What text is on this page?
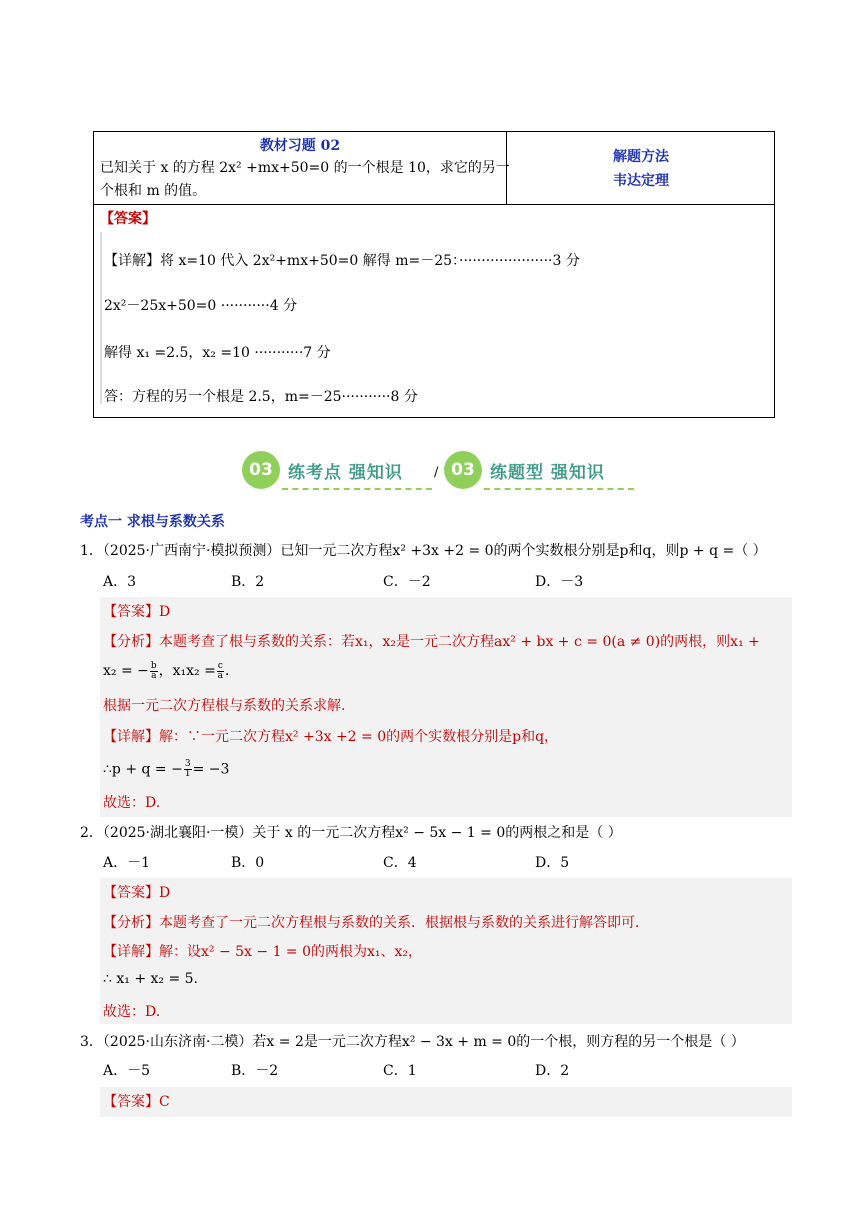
教材习题 02
已知关于 x 的方程 2x² +mx+50=0 的一个根是 10，求它的另一
个根和 m 的值。
解题方法
韦达定理
【答案】
【详解】将 x=10 代入 2x²+mx+50=0 解得 m=－25：·····················3 分
2x²－25x+50=0 ···········4 分
解得 x₁ =2.5，x₂ =10 ···········7 分
答：方程的另一个根是 2.5，m=－25···········8 分
03 练考点 强知识 / 03 练题型 强知识
考点一 求根与系数关系
1．（2025·广西南宁·模拟预测）已知一元二次方程x² +3x +2 = 0的两个实数根分别是p和q，则p + q =（ ）
A．3	B．2	C．－2	D．－3
【答案】D
【分析】本题考查了根与系数的关系：若x₁，x₂是一元二次方程ax² + bx + c = 0(a ≠ 0)的两根，则x₁ +
x₂ = − $\frac{b}{a}$ ，$x_1x_2 = \frac{c}{a}$ .
根据一元二次方程根与系数的关系求解.
【详解】解：∵一元二次方程x² +3x +2 = 0的两个实数根分别是p和q，
∴p + q = − $\frac{3}{1} = -3$
故选：D.
2．（2025·湖北襄阳·一模）关于 x 的一元二次方程x² − 5x − 1 = 0的两根之和是（ ）
A．－1	B．0	C．4	D．5
【答案】D
【分析】本题考查了一元二次方程根与系数的关系．根据根与系数的关系进行解答即可．
【详解】解：设x² − 5x − 1 = 0的两根为x₁、x₂，
∴ x₁ + x₂ = 5.
故选：D.
3．（2025·山东济南·二模）若x = 2是一元二次方程x² − 3x + m = 0的一个根，则方程的另一个根是（ ）
A．－5	B．－2	C．1	D．2
【答案】C
